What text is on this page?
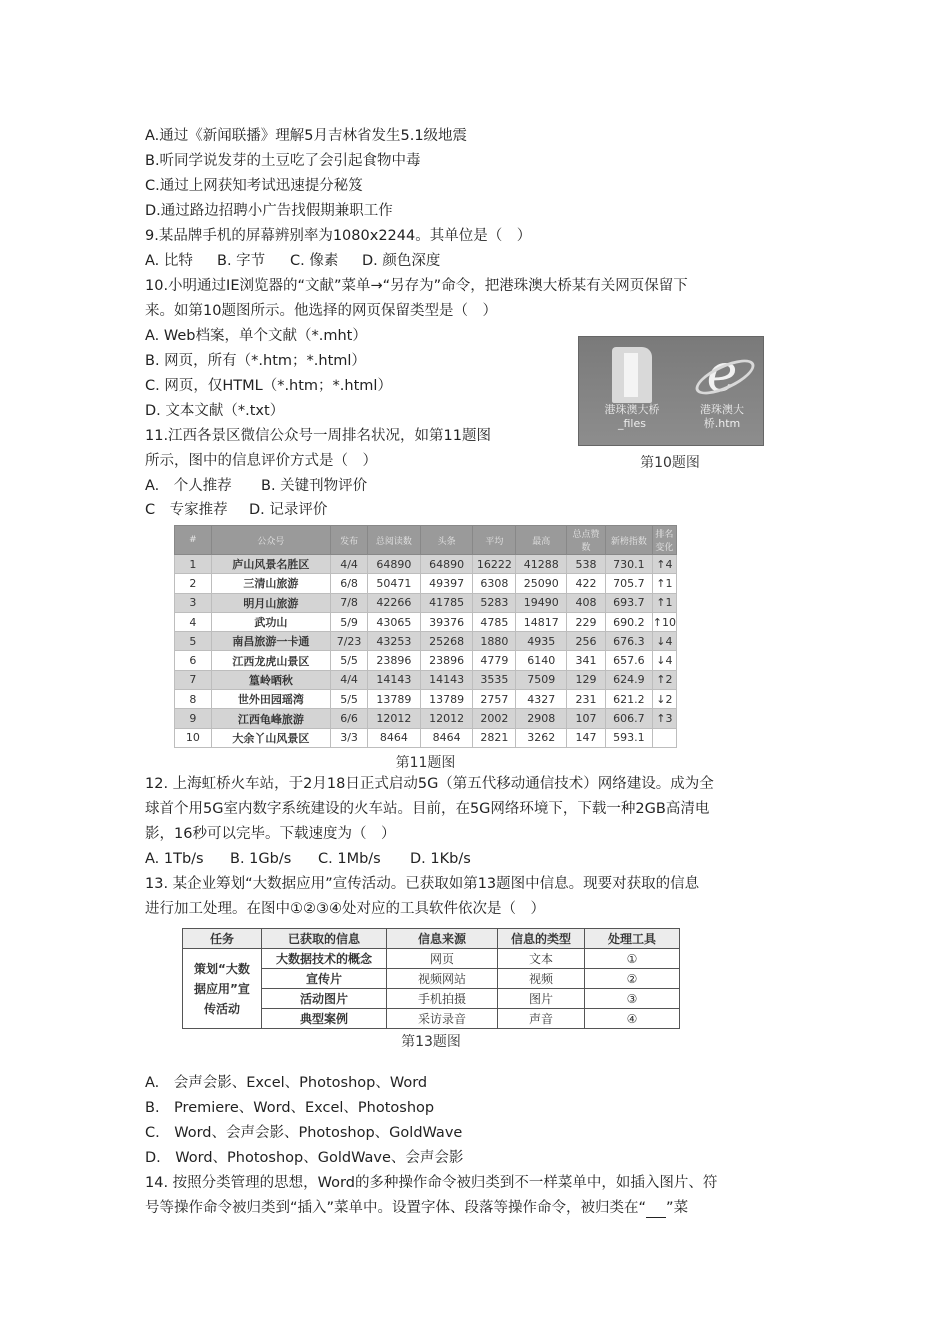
A.通过《新闻联播》理解5月吉林省发生5.1级地震
B.听同学说发芽的土豆吃了会引起食物中毒
C.通过上网获知考试迅速提分秘笈
D.通过路边招聘小广告找假期兼职工作
9.某品牌手机的屏幕辨别率为1080x2244。其单位是（　）
A. 比特 B. 字节 C. 像素 D. 颜色深度
10.小明通过IE浏览器的“文献”菜单→“另存为”命令，把港珠澳大桥某有关网页保留下
来。如第10题图所示。他选择的网页保留类型是（　）
A. Web档案，单个文献（*.mht）
B. 网页，所有（*.htm；*.html）
C. 网页，仅HTML（*.htm；*.html）
D. 文本文献（*.txt）
11.江西各景区微信公众号一周排名状况，如第11题图
所示，图中的信息评价方式是（　）
A.　个人推荐 B. 关键刊物评价
C　专家推荐 D. 记录评价
e
港珠澳大桥_files
港珠澳大桥.htm
第10题图
#	公众号	发布	总阅读数	头条	平均	最高	总点赞数	新榜指数	排名变化
1	庐山风景名胜区	4/4	64890	64890	16222	41288	538	730.1	↑4
2	三清山旅游	6/8	50471	49397	6308	25090	422	705.7	↑1
3	明月山旅游	7/8	42266	41785	5283	19490	408	693.7	↑1
4	武功山	5/9	43065	39376	4785	14817	229	690.2	↑10
5	南昌旅游一卡通	7/23	43253	25268	1880	4935	256	676.3	↓4
6	江西龙虎山景区	5/5	23896	23896	4779	6140	341	657.6	↓4
7	篁岭晒秋	4/4	14143	14143	3535	7509	129	624.9	↑2
8	世外田园瑶湾	5/5	13789	13789	2757	4327	231	621.2	↓2
9	江西龟峰旅游	6/6	12012	12012	2002	2908	107	606.7	↑3
10	大余丫山风景区	3/3	8464	8464	2821	3262	147	593.1	
第11题图
12. 上海虹桥火车站，于2月18日正式启动5G（第五代移动通信技术）网络建设。成为全
球首个用5G室内数字系统建设的火车站。目前，在5G网络环境下，下载一种2GB高清电
影，16秒可以完毕。下载速度为（　）
A. 1Tb/s B. 1Gb/s C. 1Mb/s D. 1Kb/s
13. 某企业筹划“大数据应用”宣传活动。已获取如第13题图中信息。现要对获取的信息
进行加工处理。在图中①②③④处对应的工具软件依次是（　）
任务	已获取的信息	信息来源	信息的类型	处理工具
策划“大数据应用”宣传活动	大数据技术的概念	网页	文本	①
	宣传片	视频网站	视频	②
	活动图片	手机拍摄	图片	③
	典型案例	采访录音	声音	④
第13题图
A.　会声会影、Excel、Photoshop、Word
B.　Premiere、Word、Excel、Photoshop
C.　Word、会声会影、Photoshop、GoldWave
D.　Word、Photoshop、GoldWave、会声会影
14. 按照分类管理的思想，Word的多种操作命令被归类到不一样菜单中，如插入图片、符
号等操作命令被归类到“插入”菜单中。设置字体、段落等操作命令，被归类在“ ”菜
